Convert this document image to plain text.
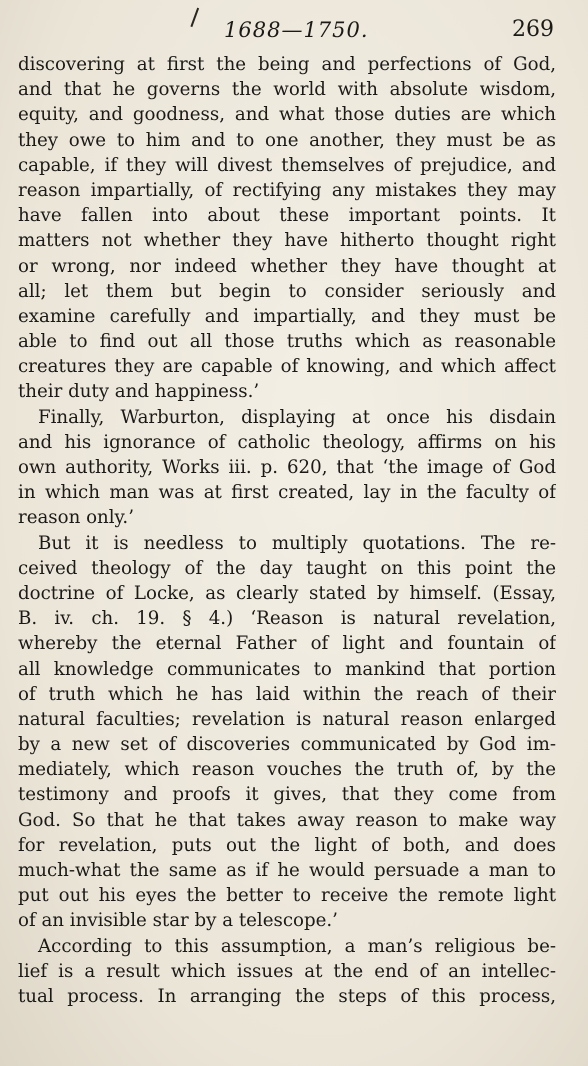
1688—1750.	269
discovering at first the being and perfections of God,
and that he governs the world with absolute wisdom,
equity, and goodness, and what those duties are which
they owe to him and to one another, they must be as
capable, if they will divest themselves of prejudice, and
reason impartially, of rectifying any mistakes they may
have fallen into about these important points. It
matters not whether they have hitherto thought right
or wrong, nor indeed whether they have thought at
all; let them but begin to consider seriously and
examine carefully and impartially, and they must be
able to find out all those truths which as reasonable
creatures they are capable of knowing, and which affect
their duty and happiness.’
Finally, Warburton, displaying at once his disdain
and his ignorance of catholic theology, affirms on his
own authority, Works iii. p. 620, that ‘the image of God
in which man was at first created, lay in the faculty of
reason only.’
But it is needless to multiply quotations. The re-
ceived theology of the day taught on this point the
doctrine of Locke, as clearly stated by himself. (Essay,
B. iv. ch. 19. § 4.) ‘Reason is natural revelation,
whereby the eternal Father of light and fountain of
all knowledge communicates to mankind that portion
of truth which he has laid within the reach of their
natural faculties; revelation is natural reason enlarged
by a new set of discoveries communicated by God im-
mediately, which reason vouches the truth of, by the
testimony and proofs it gives, that they come from
God. So that he that takes away reason to make way
for revelation, puts out the light of both, and does
much-what the same as if he would persuade a man to
put out his eyes the better to receive the remote light
of an invisible star by a telescope.’
According to this assumption, a man’s religious be-
lief is a result which issues at the end of an intellec-
tual process. In arranging the steps of this process,
